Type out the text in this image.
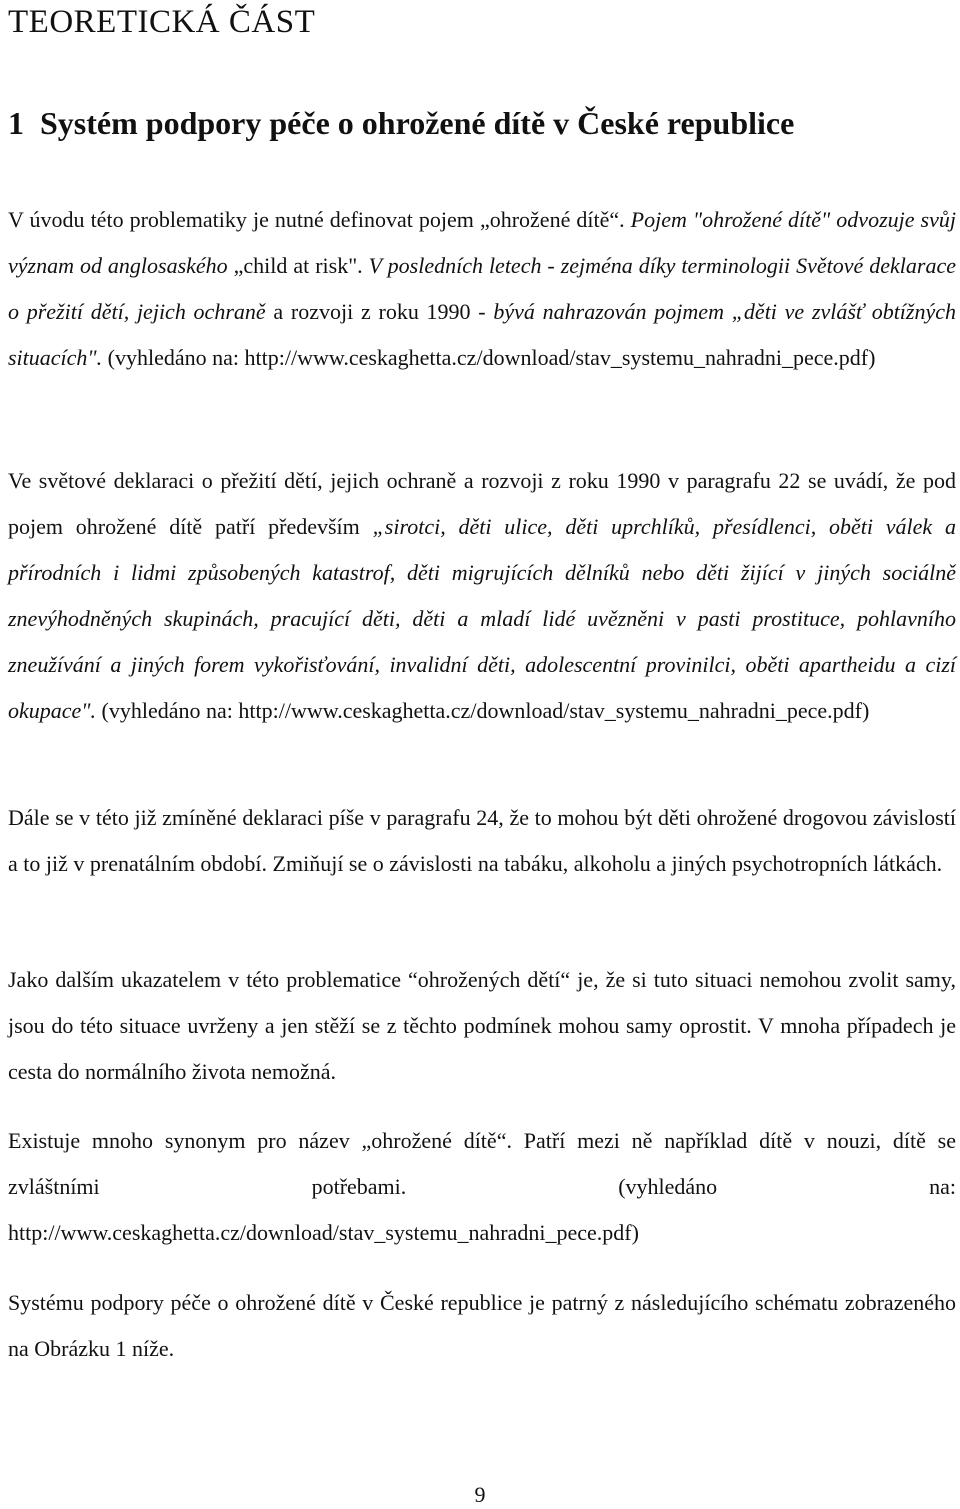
TEORETICKÁ ČÁST
1 Systém podpory péče o ohrožené dítě v České republice

V úvodu této problematiky je nutné definovat pojem „ohrožené dítě“. Pojem "ohrožené dítě" odvozuje svůj význam od anglosaského „child at risk". V posledních letech - zejména díky terminologii Světové deklarace o přežití dětí, jejich ochraně a rozvoji z roku 1990 - bývá nahrazován pojmem „děti ve zvlášť obtížných situacích". (vyhledáno na: http://www.ceskaghetta.cz/download/stav_systemu_nahradni_pece.pdf)

Ve světové deklaraci o přežití dětí, jejich ochraně a rozvoji z roku 1990 v paragrafu 22 se uvádí, že pod pojem ohrožené dítě patří především „sirotci, děti ulice, děti uprchlíků, přesídlenci, oběti válek a přírodních i lidmi způsobených katastrof, děti migrujících dělníků nebo děti žijící v jiných sociálně znevýhodněných skupinách, pracující děti, děti a mladí lidé uvězněni v pasti prostituce, pohlavního zneužívání a jiných forem vykořisťování, invalidní děti, adolescentní provinilci, oběti apartheidu a cizí okupace". (vyhledáno na: http://www.ceskaghetta.cz/download/stav_systemu_nahradni_pece.pdf)

Dále se v této již zmíněné deklaraci píše v paragrafu 24, že to mohou být děti ohrožené drogovou závislostí a to již v prenatálním období. Zmiňují se o závislosti na tabáku, alkoholu a jiných psychotropních látkách.

Jako dalším ukazatelem v této problematice “ohrožených dětí“ je, že si tuto situaci nemohou zvolit samy, jsou do této situace uvrženy a jen stěží se z těchto podmínek mohou samy oprostit. V mnoha případech je cesta do normálního života nemožná.

Existuje mnoho synonym pro název „ohrožené dítě“. Patří mezi ně například dítě v nouzi, dítě se zvláštními potřebami. (vyhledáno na: http://www.ceskaghetta.cz/download/stav_systemu_nahradni_pece.pdf)

Systému podpory péče o ohrožené dítě v České republice je patrný z následujícího schématu zobrazeného na Obrázku 1 níže.

9
